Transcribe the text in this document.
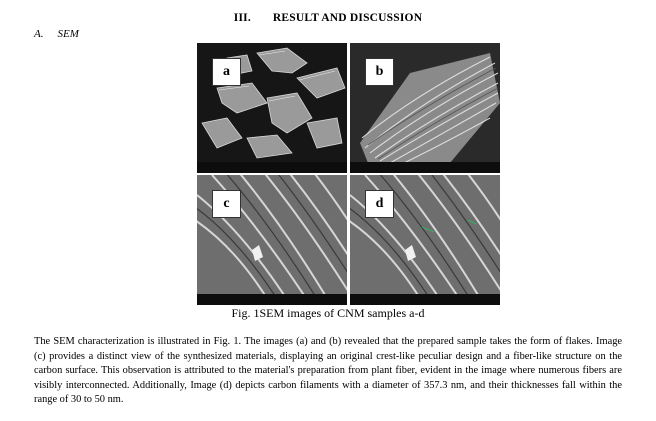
III. RESULT AND DISCUSSION
A. SEM
a	b
c	d
Fig. 1SEM images of CNM samples a-d

The SEM characterization is illustrated in Fig. 1. The images (a) and (b) revealed that the prepared sample takes the form of flakes. Image (c) provides a distinct view of the synthesized materials, displaying an original crest-like peculiar design and a fiber-like structure on the carbon surface. This observation is attributed to the material's preparation from plant fiber, evident in the image where numerous fibers are visibly interconnected. Additionally, Image (d) depicts carbon filaments with a diameter of 357.3 nm, and their thicknesses fall within the range of 30 to 50 nm.
